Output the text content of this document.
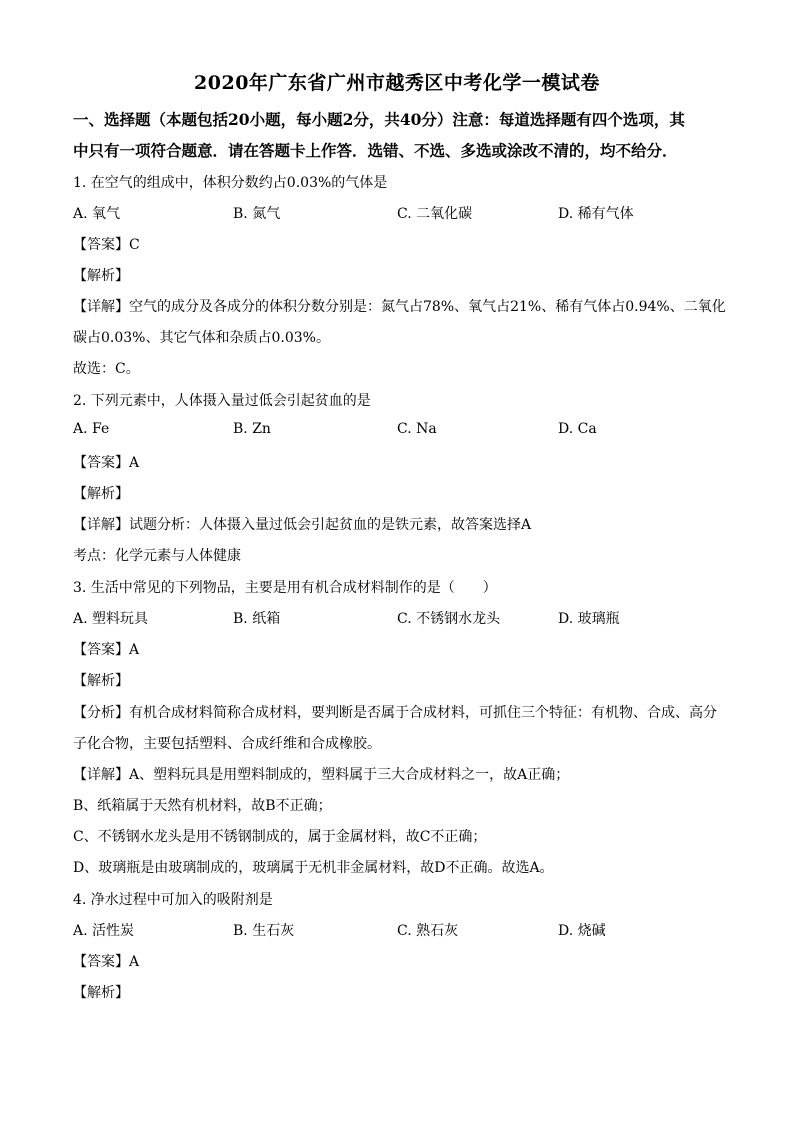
2020年广东省广州市越秀区中考化学一模试卷
一、选择题（本题包括20小题，每小题2分，共40分）注意：每道选择题有四个选项，其
中只有一项符合题意．请在答题卡上作答．选错、不选、多选或涂改不清的，均不给分．
1. 在空气的组成中，体积分数约占0.03%的气体是
A. 氧气	B. 氮气	C. 二氧化碳	D. 稀有气体
【答案】C
【解析】
【详解】空气的成分及各成分的体积分数分别是：氮气占78%、氧气占21%、稀有气体占0.94%、二氧化
碳占0.03%、其它气体和杂质占0.03%。
故选：C。
2. 下列元素中，人体摄入量过低会引起贫血的是
A. Fe	B. Zn	C. Na	D. Ca
【答案】A
【解析】
【详解】试题分析：人体摄入量过低会引起贫血的是铁元素，故答案选择A
考点：化学元素与人体健康
3. 生活中常见的下列物品，主要是用有机合成材料制作的是（　　）
A. 塑料玩具	B. 纸箱	C. 不锈钢水龙头	D. 玻璃瓶
【答案】A
【解析】
【分析】有机合成材料简称合成材料，要判断是否属于合成材料，可抓住三个特征：有机物、合成、高分
子化合物，主要包括塑料、合成纤维和合成橡胶。
【详解】A、塑料玩具是用塑料制成的，塑料属于三大合成材料之一，故A正确；
B、纸箱属于天然有机材料，故B不正确；
C、不锈钢水龙头是用不锈钢制成的，属于金属材料，故C不正确；
D、玻璃瓶是由玻璃制成的，玻璃属于无机非金属材料，故D不正确。故选A。
4. 净水过程中可加入的吸附剂是
A. 活性炭	B. 生石灰	C. 熟石灰	D. 烧碱
【答案】A
【解析】
